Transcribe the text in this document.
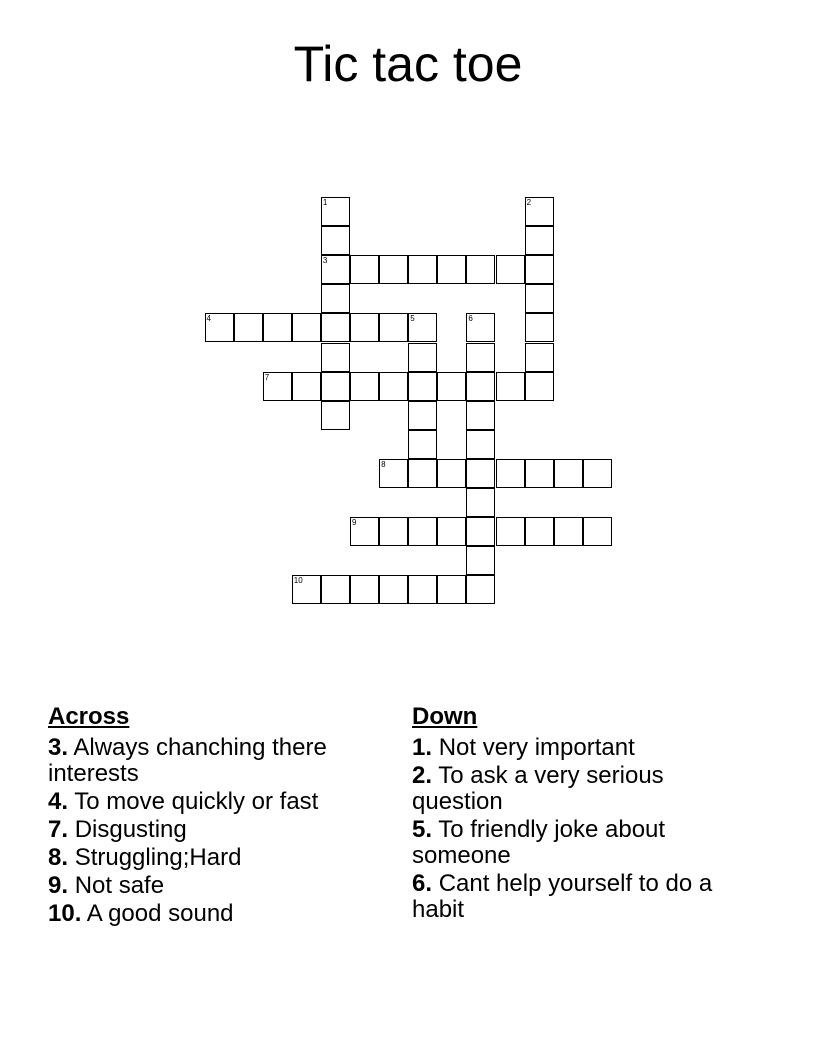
Tic tac toe
1
3
2
4	5	6
7
8
9
10
Across
3. Always chanching there interests
4. To move quickly or fast
7. Disgusting
8. Struggling;Hard
9. Not safe
10. A good sound
Down
1. Not very important
2. To ask a very serious question
5. To friendly joke about someone
6. Cant help yourself to do a habit
